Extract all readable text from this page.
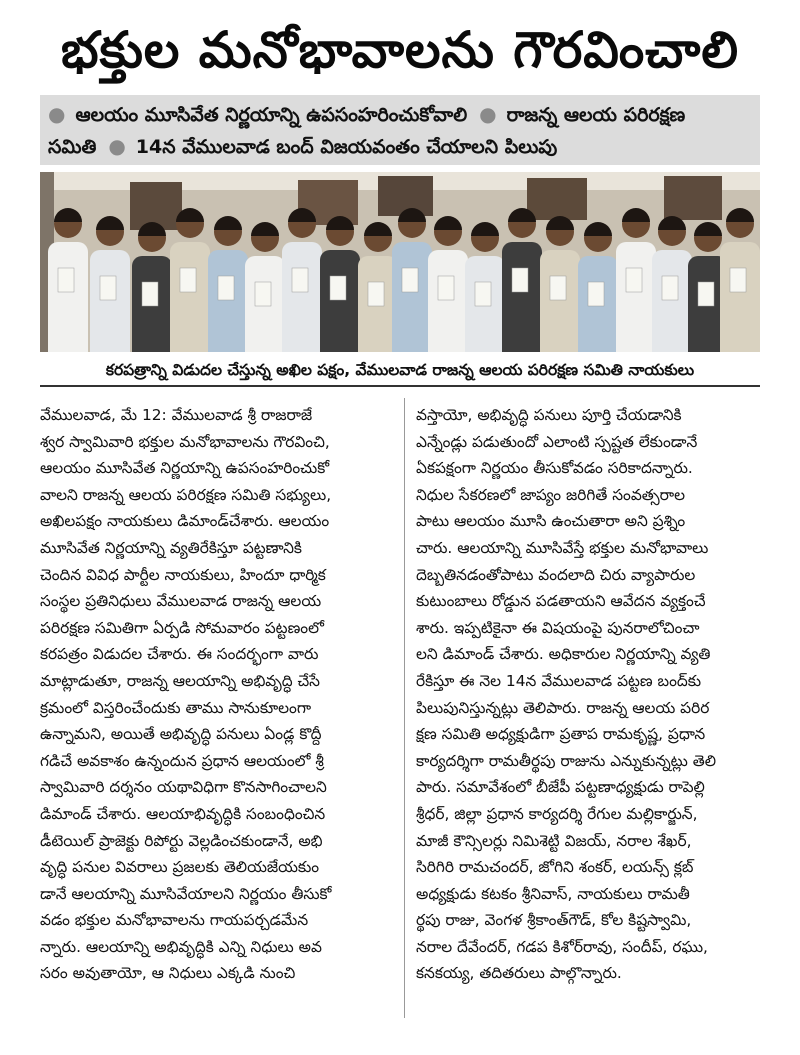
భక్తుల మనోభావాలను గౌరవించాలి
● ఆలయం మూసివేత నిర్ణయాన్ని ఉపసంహరించుకోవాలి ● రాజన్న ఆలయ పరిరక్షణ
సమితి ● 14న వేములవాడ బంద్ విజయవంతం చేయాలని పిలుపు
కరపత్రాన్ని విడుదల చేస్తున్న అఖిల పక్షం, వేములవాడ రాజన్న ఆలయ పరిరక్షణ సమితి నాయకులు
వేములవాడ, మే 12: వేములవాడ శ్రీ రాజరాజే
శ్వర స్వామివారి భక్తుల మనోభావాలను గౌరవించి,
ఆలయం మూసివేత నిర్ణయాన్ని ఉపసంహరించుకో
వాలని రాజన్న ఆలయ పరిరక్షణ సమితి సభ్యులు,
అఖిలపక్షం నాయకులు డిమాండ్‌చేశారు. ఆలయం
మూసివేత నిర్ణయాన్ని వ్యతిరేకిస్తూ పట్టణానికి
చెందిన వివిధ పార్టీల నాయకులు, హిందూ ధార్మిక
సంస్థల ప్రతినిధులు వేములవాడ రాజన్న ఆలయ
పరిరక్షణ సమితిగా ఏర్పడి సోమవారం పట్టణంలో
కరపత్రం విడుదల చేశారు. ఈ సందర్భంగా వారు
మాట్లాడుతూ, రాజన్న ఆలయాన్ని అభివృద్ధి చేసే
క్రమంలో విస్తరించేందుకు తాము సానుకూలంగా
ఉన్నామని, అయితే అభివృద్ధి పనులు ఏండ్ల కొద్దీ
గడిచే అవకాశం ఉన్నందున ప్రధాన ఆలయంలో శ్రీ
స్వామివారి దర్శనం యథావిధిగా కొనసాగించాలని
డిమాండ్ చేశారు. ఆలయాభివృద్ధికి సంబంధించిన
డీటెయిల్ ప్రాజెక్టు రిపోర్టు వెల్లడించకుండానే, అభి
వృద్ధి పనుల వివరాలు ప్రజలకు తెలియజేయకుం
డానే ఆలయాన్ని మూసివేయాలని నిర్ణయం తీసుకో
వడం భక్తుల మనోభావాలను గాయపర్చడమేన
న్నారు. ఆలయాన్ని అభివృద్ధికి ఎన్ని నిధులు అవ
సరం అవుతాయో, ఆ నిధులు ఎక్కడి నుంచి
వస్తాయో, అభివృద్ధి పనులు పూర్తి చేయడానికి
ఎన్నేండ్లు పడుతుందో ఎలాంటి స్పష్టత లేకుండానే
ఏకపక్షంగా నిర్ణయం తీసుకోవడం సరికాదన్నారు.
నిధుల సేకరణలో జాప్యం జరిగితే సంవత్సరాల
పాటు ఆలయం మూసి ఉంచుతారా అని ప్రశ్నిం
చారు. ఆలయాన్ని మూసివేస్తే భక్తుల మనోభావాలు
దెబ్బతినడంతోపాటు వందలాది చిరు వ్యాపారుల
కుటుంబాలు రోడ్డున పడతాయని ఆవేదన వ్యక్తంచే
శారు. ఇప్పటికైనా ఈ విషయంపై పునరాలోచించా
లని డిమాండ్ చేశారు. అధికారుల నిర్ణయాన్ని వ్యతి
రేకిస్తూ ఈ నెల 14న వేములవాడ పట్టణ బంద్‌కు
పిలుపునిస్తున్నట్లు తెలిపారు. రాజన్న ఆలయ పరిర
క్షణ సమితి అధ్యక్షుడిగా ప్రతాప రామకృష్ణ, ప్రధాన
కార్యదర్శిగా రామతీర్థపు రాజును ఎన్నుకున్నట్లు తెలి
పారు. సమావేశంలో బీజేపీ పట్టణాధ్యక్షుడు రాపెల్లి
శ్రీధర్, జిల్లా ప్రధాన కార్యదర్శి రేగుల మల్లికార్జున్,
మాజీ కౌన్సిలర్లు నిమిశెట్టి విజయ్, నరాల శేఖర్,
సిరిగిరి రామచందర్, జోగిని శంకర్, లయన్స్ క్లబ్
అధ్యక్షుడు కటకం శ్రీనివాస్, నాయకులు రామతీ
ర్థపు రాజు, వెంగళ శ్రీకాంత్‌గౌడ్, కోల కిష్టస్వామి,
నరాల దేవేందర్, గడప కిశోర్‌రావు, సందీప్, రఘు,
కనకయ్య, తదితరులు పాల్గొన్నారు.
